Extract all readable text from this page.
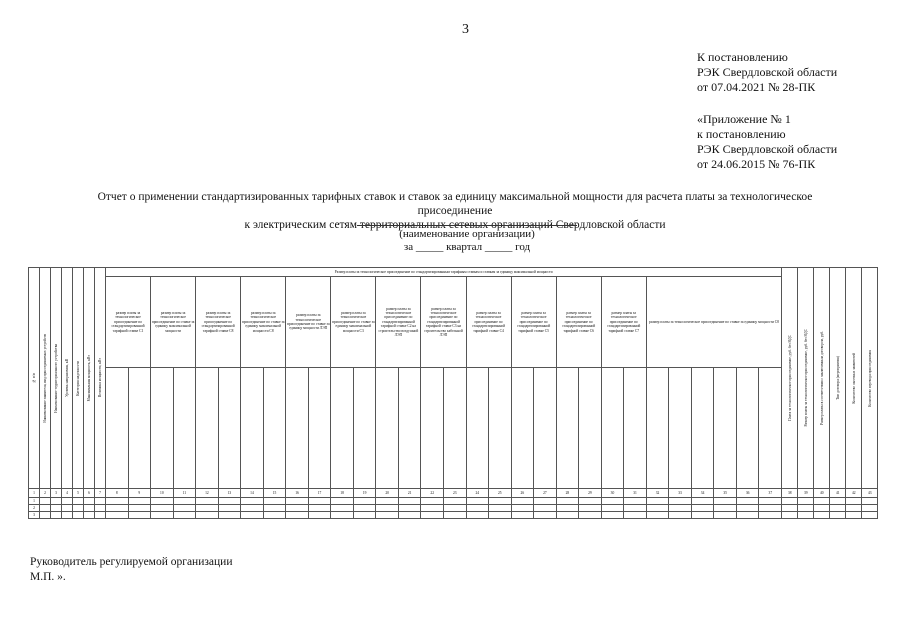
3
К постановлению
РЭК Свердловской области
от 07.04.2021 № 28-ПК
«Приложение № 1
к постановлению
РЭК Свердловской области
от 24.06.2015 № 76-ПК
Отчет о применении стандартизированных тарифных ставок и ставок за единицу максимальной мощности для расчета платы за технологическое присоединение
к электрическим сетям территориальных сетевых организаций Свердловской области
(наименование организации)
за _____ квартал _____ год
№ п/п	Наименование заявителя, вид присоединяемых устройств	Наименование территориального устройства	Уровень напряжения, кВ	Категория надежности	Максимальная мощность, кВт	Величина мощности, кВт	Размер платы за технологическое присоединение по стандартизированным тарифным ставкам и ставкам за единицу максимальной мощности																														Плата за технологическое присоединение, руб. без НДС	Размер платы за технологическое присоединение, руб. без НДС	Размер платы в соответствии с заключенным договором, руб.	Тип договора (мероприятия)	Количество льготных заявителей	Количество перевода присоединения

							размер платы за технологическое присоединение по стандартизированной тарифной ставке С1		размер платы за технологическое присоединение по ставке за единицу максимальной мощности		размер платы за технологическое присоединение по стандартизированной тарифной ставке С8		размер платы за технологическое присоединение по ставке за единицу максимальной мощности С8		размер платы за технологическое присоединение по ставке за единицу мощности ЛЭП		размер платы за технологическое присоединение по ставке за единицу максимальной мощности С3		размер платы за технологическое присоединение по стандартизированной тарифной ставке С2 на строительство воздушной ЛЭП		размер платы за технологическое присоединение по стандартизированной тарифной ставке С3 на строительство кабельной ЛЭП		размер платы за технологическое присоединение по стандартизированной тарифной ставке С4		размер платы за технологическое присоединение по стандартизированной тарифной ставке С5		размер платы за технологическое присоединение по стандартизированной тарифной ставке С6		размер платы за технологическое присоединение по стандартизированной тарифной ставке С7		размер платы за технологическое присоединение по ставке за единицу мощности С8											

1	2	3	4	5	6	7	8	9	10	11	12	13	14	15	16	17	18	19	20	21	22	23	24	25	26	27	28	29	30	31	32	33	34	35	36	37	38	39	40	41	42	43
1																																										
2																																										
3																																										
Руководитель регулируемой организации
М.П. ».
